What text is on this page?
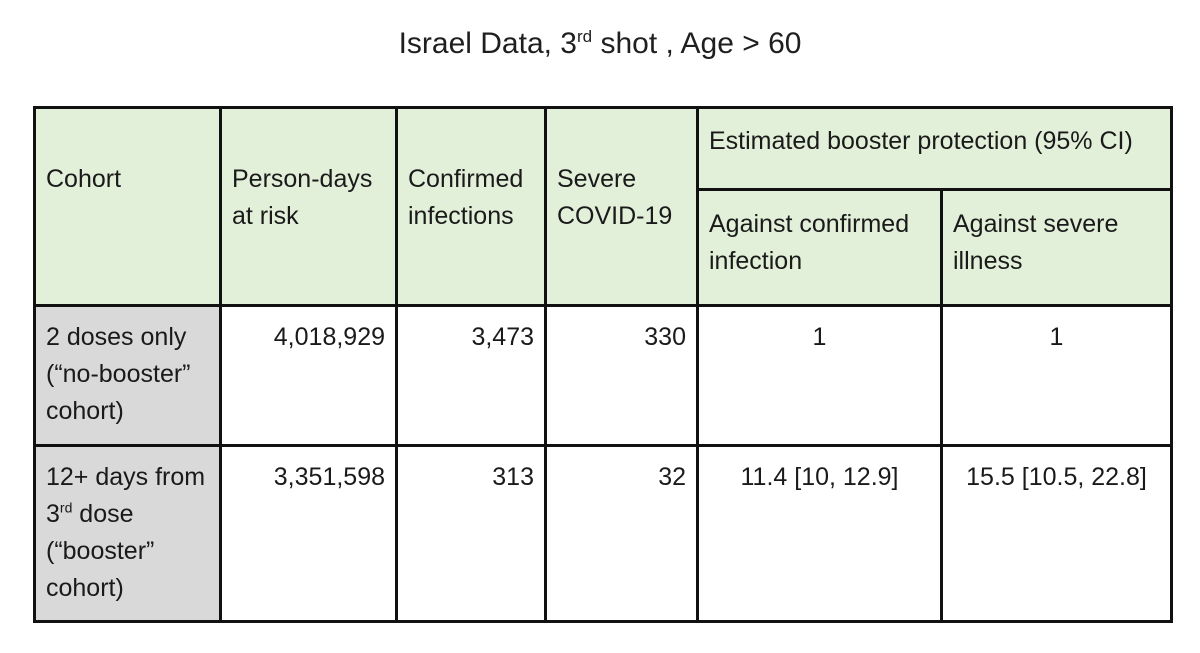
Israel Data, 3rd shot , Age > 60
Cohort	Person-days at risk	Confirmed infections	Severe COVID-19	Estimated booster protection (95% CI)	
				Against confirmed infection	Against severe illness
2 doses only (“no-booster” cohort)	4,018,929	3,473	330	1	1
12+ days from 3rd dose (“booster” cohort)	3,351,598	313	32	11.4 [10, 12.9]	15.5 [10.5, 22.8]
